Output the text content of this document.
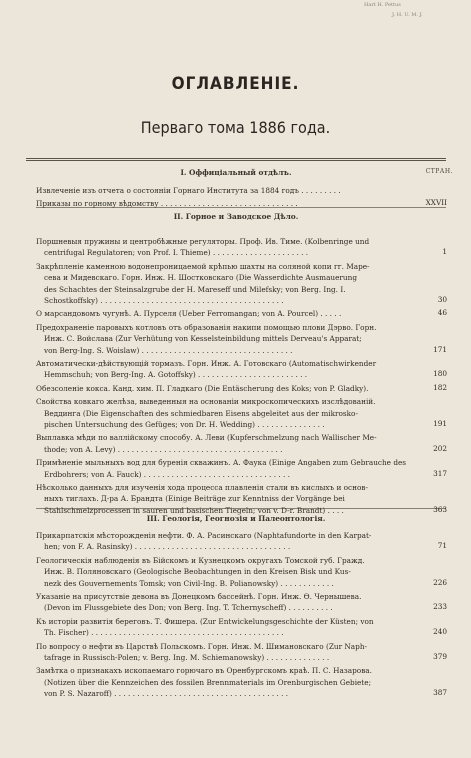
Hart H. Pettus
J. H. U. M. J.
ОГЛАВЛЕНІЕ.
Перваго тома 1886 года.
I. Оффиціальный отдѣлъ.	СТРАН.
Извлеченіе изъ отчета о состояніи Горнаго Института за 1884 годъ . . . . . . . . .
Приказы по горному вѣдомству . . . . . . . . . . . . . . . . . . . . . . . . . . . . . .	XXVII
II. Горное и Заводское Дѣло.
Поршневыя пружины и центробѣжные регуляторы. Проф. Ив. Тиме. (Kolbenringe und
centrifugal Regulatoren; von Prof. I. Thieme) . . . . . . . . . . . . . . . . . . . . .	1
Закрѣпленіе каменною водонепроницаемой крѣпью шахты на соляной копи гг. Маре-
сева и Мидевскаго. Горн. Инж. Н. Шостковскаго (Die Wasserdichte Ausmauerung
des Schachtes der Steinsalzgrube der H. Mareseff und Milefsky; von Berg. Ing. I.
Schostkoffsky) . . . . . . . . . . . . . . . . . . . . . . . . . . . . . . . . . . . . . . . .	30
О марсандовомъ чугунѣ. А. Пурселя (Ueber Ferromangan; von A. Pourcel) . . . . .	46
Предохраненіе паровыхъ котловъ отъ образованія накипи помощью плови Дэрво. Горн.
Инж. С. Войслава (Zur Verhütung von Kesselsteinbildung mittels Derveau's Apparat;
von Berg-Ing. S. Woislaw) . . . . . . . . . . . . . . . . . . . . . . . . . . . . . . . . .	171
Автоматически-дѣйствующій тормазъ. Горн. Инж. А. Готовскаго (Automatischwirkender
Hemmschuh; von Berg-Ing. A. Gotoffsky) . . . . . . . . . . . . . . . . . . . . . . . .	180
Обезсоленіе кокса. Канд. хим. П. Гладкаго (Die Entäscherung des Koks; von P. Gladky).	182
Свойства ковкаго желѣза, выведенныя на основаніи микроскопическихъ изслѣдованій.
Веддинга (Die Eigenschaften des schmiedbaren Eisens abgeleitet aus der mikrosko-
pischen Untersuchung des Gefüges; von Dr. H. Wedding) . . . . . . . . . . . . . . .	191
Выплавка мѣди по валлійскому способу. А. Леви (Kupferschmelzung nach Wallischer Me-
thode; von A. Levy) . . . . . . . . . . . . . . . . . . . . . . . . . . . . . . . . . . . .	202
Примѣненіе мыльныхъ вод для буренія скважинъ. А. Фаука (Einige Angaben zum Gebrauche des
Erdbohrers; von A. Fauck) . . . . . . . . . . . . . . . . . . . . . . . . . . . . . . . .	317
Нѣсколько данныхъ для изученія хода процесса плавленія стали въ кислыхъ и основ-
ныхъ тиглахъ. Д-ра А. Брандта (Einige Beiträge zur Kenntniss der Vorgänge bei
Stahlschmelzprocessen in sauren und basischen Tiegeln; von v. D-r. Brandt) . . . .	363
III. Геологія, Геогнозія и Палеонтологія.
Прикарпатскія мѣсторожденія нефти. Ф. А. Расинскаго (Naphtafundorte in den Karpat-
hen; von F. A. Rasinsky) . . . . . . . . . . . . . . . . . . . . . . . . . . . . . . . . . .	71
Геологическія наблюденія въ Бійскомъ и Кузнецкомъ округахъ Томской губ. Гражд.
Инж. В. Поляновскаго (Geologische Beobachtungen in den Kreisen Bisk und Kus-
nezk des Gouvernements Tomsk; von Civil-Ing. B. Polianowsky) . . . . . . . . . . . .	226
Указаніе на присутствіе девона въ Донецкомъ бассейнѣ. Горн. Инж. Ѳ. Чернышева.
(Devon im Flussgebiete des Don; von Berg. Ing. T. Tchernyscheff) . . . . . . . . . .	233
Къ исторіи развитія береговъ. Т. Фишера. (Zur Entwickelungsgeschichte der Küsten; von
Th. Fischer) . . . . . . . . . . . . . . . . . . . . . . . . . . . . . . . . . . . . . . . . . .	240
По вопросу о нефти въ Царствѣ Польскомъ. Горн. Инж. М. Шимановскаго (Zur Naph-
tafrage in Russisch-Polen; v. Berg. Ing. M. Schiemanowsky) . . . . . . . . . . . . . .	379
Замѣтка о признакахъ ископаемаго горючаго въ Оренбургскомъ краѣ. П. С. Назарова.
(Notizen über die Kennzeichen des fossilen Brennmaterials im Orenburgischen Gebiete;
von P. S. Nazaroff) . . . . . . . . . . . . . . . . . . . . . . . . . . . . . . . . . . . . . .	387
